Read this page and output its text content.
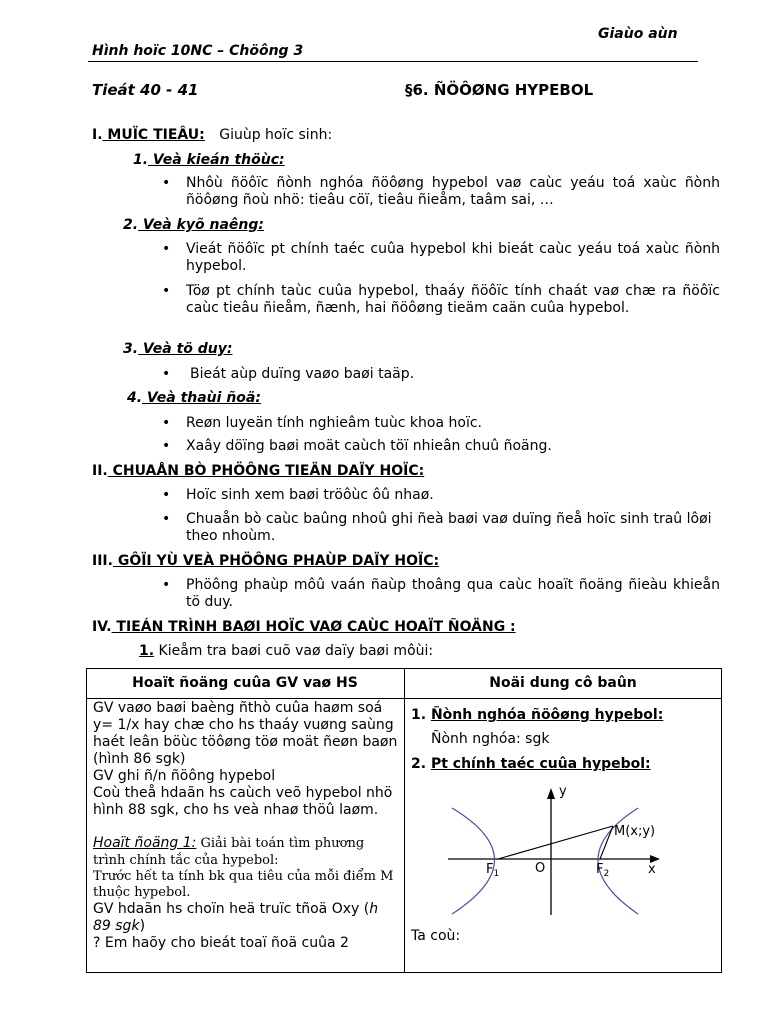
Giaùo aùn
Hình hoïc 10NC – Chöông 3
Tieát 40 - 41	§6. ÑÖÔØNG HYPEBOL
I. MUÏC TIEÂU: Giuùp hoïc sinh:
1. Veà kieán thöùc:
• Nhôù ñöôïc ñònh nghóa ñöôøng hypebol vaø caùc yeáu toá xaùc ñònh ñöôøng ñoù nhö: tieâu cöï, tieâu ñieåm, taâm sai, …
2. Veà kyõ naêng:
• Vieát ñöôïc pt chính taéc cuûa hypebol khi bieát caùc yeáu toá xaùc ñònh hypebol.
• Töø pt chính taùc cuûa hypebol, thaáy ñöôïc tính chaát vaø chæ ra ñöôïc caùc tieâu ñieåm, ñænh, hai ñöôøng tieäm caän cuûa hypebol.
3. Veà tö duy:
• Bieát aùp duïng vaøo baøi taäp.
4. Veà thaùi ñoä:
• Reøn luyeän tính nghieâm tuùc khoa hoïc.
• Xaây döïng baøi moät caùch töï nhieân chuû ñoäng.
II. CHUAÅN BÒ PHÖÔNG TIEÄN DAÏY HOÏC:
• Hoïc sinh xem baøi tröôùc ôû nhaø.
• Chuaån bò caùc baûng nhoû ghi ñeà baøi vaø duïng ñeå hoïc sinh traû lôøi theo nhoùm.
III. GÔÏI YÙ VEÀ PHÖÔNG PHAÙP DAÏY HOÏC:
• Phöông phaùp môû vaán ñaùp thoâng qua caùc hoaït ñoäng ñieàu khieån tö duy.
IV. TIEÁN TRÌNH BAØI HOÏC VAØ CAÙC HOAÏT ÑOÄNG :
1. Kieåm tra baøi cuõ vaø daïy baøi môùi:
Hoaït ñoäng cuûa GV vaø HS	Noäi dung cô baûn
GV vaøo baøi baèng ñthò cuûa haøm soá y= 1/x hay chæ cho hs thaáy vuøng saùng haét leân böùc töôøng töø moät ñeøn baøn (hình 86 sgk)
GV ghi ñ/n ñöông hypebol
Coù theå hdaãn hs caùch veõ hypebol nhö hình 88 sgk, cho hs veà nhaø thöû laøm.
Hoaït ñoäng 1: Giải bài toán tìm phương trình chính tắc của hypebol:
Trước hết ta tính bk qua tiêu của mỗi điểm M thuộc hypebol.
GV hdaãn hs choïn heä truïc tñoä Oxy (h 89 sgk)
? Em haõy cho bieát toaï ñoä cuûa 2
1. Ñònh nghóa ñöôøng hypebol:
Ñònh nghóa: sgk
2. Pt chính taéc cuûa hypebol:
y
x
M(x;y)
O
$F_1$	$F_2$
Ta coù:
